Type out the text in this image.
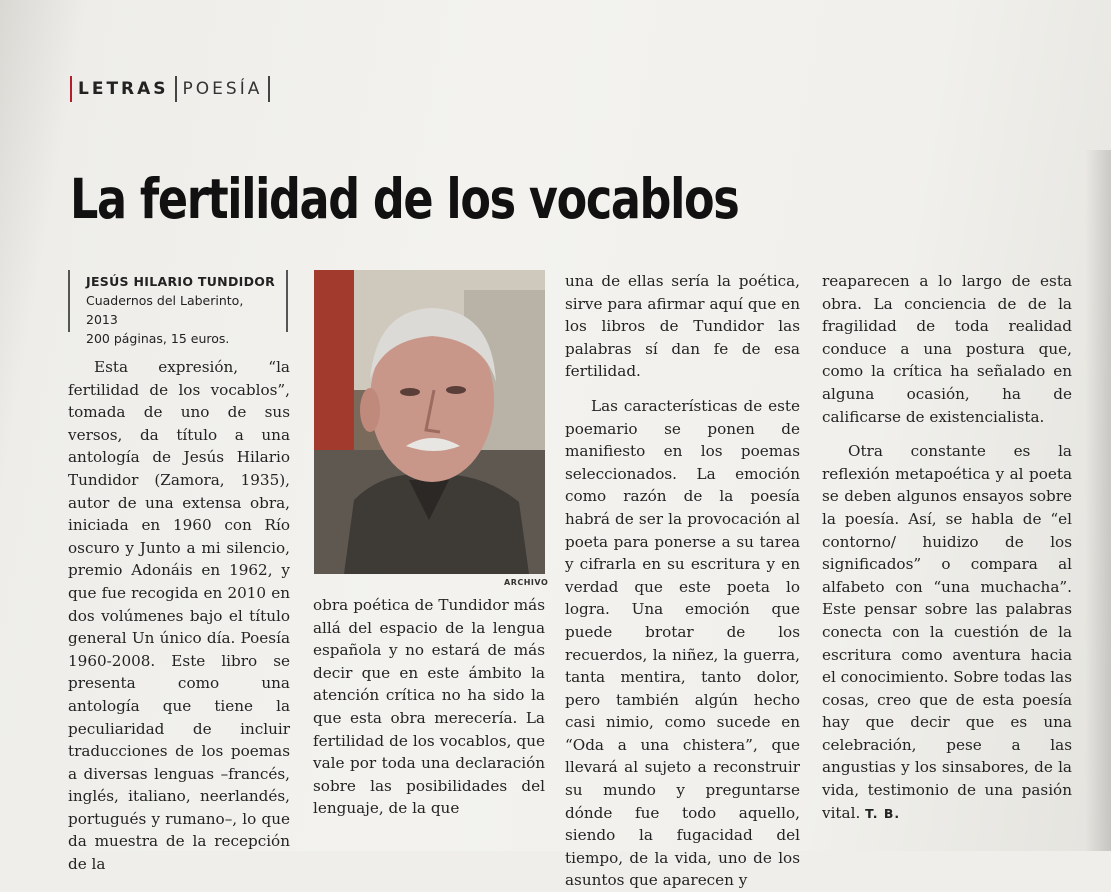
LETRAS POESÍA
La fertilidad de los vocablos
JESÚS HILARIO TUNDIDOR
Cuadernos del Laberinto, 2013
200 páginas, 15 euros.

Esta expresión, “la fertilidad de los vocablos”, tomada de uno de sus versos, da título a una antología de Jesús Hilario Tundidor (Zamora, 1935), autor de una extensa obra, iniciada en 1960 con Río oscuro y Junto a mi silencio, premio Adonáis en 1962, y que fue recogida en 2010 en dos volúmenes bajo el título general Un único día. Poesía 1960-2008. Este libro se presenta como una antología que tiene la peculiaridad de incluir traducciones de los poemas a diversas lenguas –francés, inglés, italiano, neerlandés, portugués y rumano–, lo que da muestra de la recepción de la

ARCHIVO

obra poética de Tundidor más allá del espacio de la lengua española y no estará de más decir que en este ámbito la atención crítica no ha sido la que esta obra merecería. La fertilidad de los vocablos, que vale por toda una declaración sobre las posibilidades del lenguaje, de la que

una de ellas sería la poética, sirve para afirmar aquí que en los libros de Tundidor las palabras sí dan fe de esa fertilidad.

Las características de este poemario se ponen de manifiesto en los poemas seleccionados. La emoción como razón de la poesía habrá de ser la provocación al poeta para ponerse a su tarea y cifrarla en su escritura y en verdad que este poeta lo logra. Una emoción que puede brotar de los recuerdos, la niñez, la guerra, tanta mentira, tanto dolor, pero también algún hecho casi nimio, como sucede en “Oda a una chistera”, que llevará al sujeto a reconstruir su mundo y preguntarse dónde fue todo aquello, siendo la fugacidad del tiempo, de la vida, uno de los asuntos que aparecen y

reaparecen a lo largo de esta obra. La conciencia de de la fragilidad de toda realidad conduce a una postura que, como la crítica ha señalado en alguna ocasión, ha de calificarse de existencialista.

Otra constante es la reflexión metapoética y al poeta se deben algunos ensayos sobre la poesía. Así, se habla de “el contorno/ huidizo de los significados” o compara al alfabeto con “una muchacha”. Este pensar sobre las palabras conecta con la cuestión de la escritura como aventura hacia el conocimiento. Sobre todas las cosas, creo que de esta poesía hay que decir que es una celebración, pese a las angustias y los sinsabores, de la vida, testimonio de una pasión vital. T. B.
